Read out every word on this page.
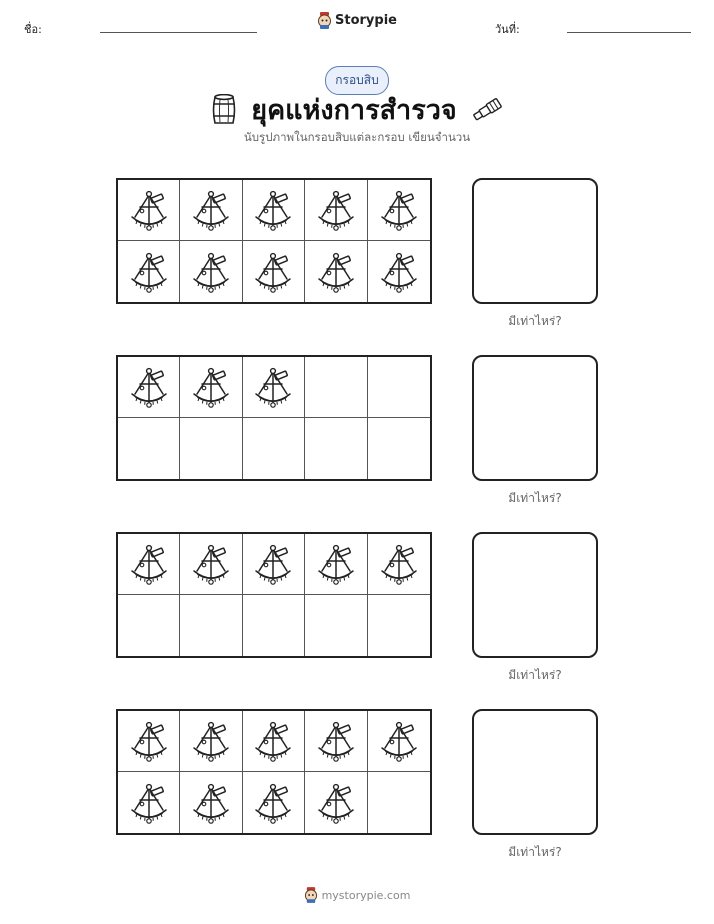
ชื่อ:
Storypie
วันที่:
กรอบสิบ
ยุคแห่งการสำรวจ
นับรูปภาพในกรอบสิบแต่ละกรอบ เขียนจำนวน
มีเท่าไหร่?
มีเท่าไหร่?
มีเท่าไหร่?
มีเท่าไหร่?
mystorypie.com
